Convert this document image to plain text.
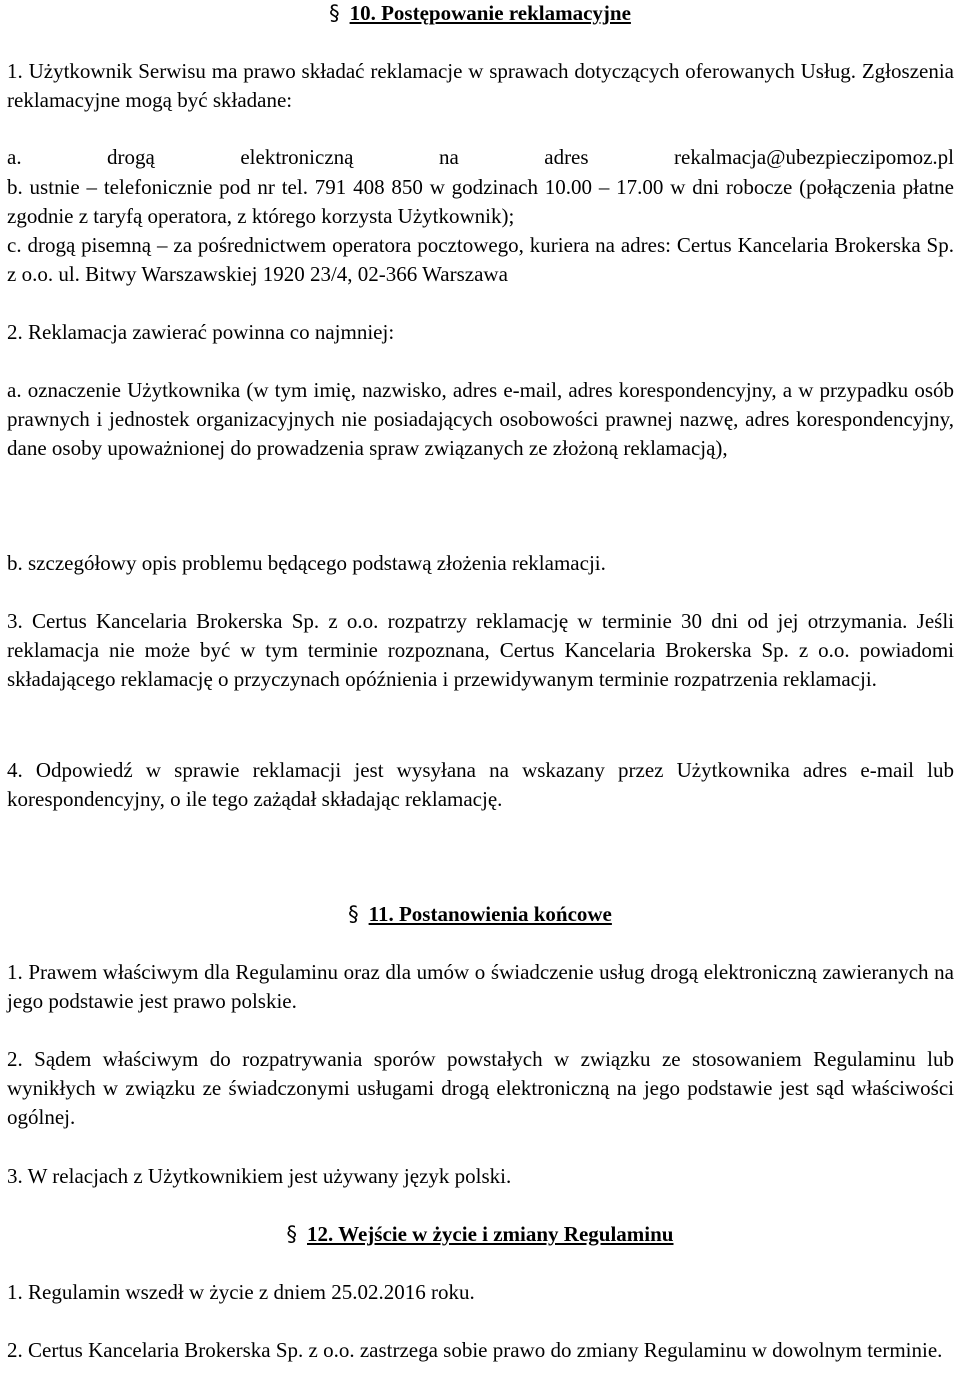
§ 10. Postępowanie reklamacyjne

1. Użytkownik Serwisu ma prawo składać reklamacje w sprawach dotyczących oferowanych Usług. Zgłoszenia reklamacyjne mogą być składane:

a. drogą elektroniczną na adres rekalmacja@ubezpieczipomoz.pl

b. ustnie – telefonicznie pod nr tel. 791 408 850 w godzinach 10.00 – 17.00 w dni robocze (połączenia płatne zgodnie z taryfą operatora, z którego korzysta Użytkownik);

c. drogą pisemną – za pośrednictwem operatora pocztowego, kuriera na adres: Certus Kancelaria Brokerska Sp. z o.o. ul. Bitwy Warszawskiej 1920 23/4, 02-366 Warszawa

2. Reklamacja zawierać powinna co najmniej:

a. oznaczenie Użytkownika (w tym imię, nazwisko, adres e-mail, adres korespondencyjny, a w przypadku osób prawnych i jednostek organizacyjnych nie posiadających osobowości prawnej nazwę, adres korespondencyjny, dane osoby upoważnionej do prowadzenia spraw związanych ze złożoną reklamacją),

b. szczegółowy opis problemu będącego podstawą złożenia reklamacji.

3. Certus Kancelaria Brokerska Sp. z o.o. rozpatrzy reklamację w terminie 30 dni od jej otrzymania. Jeśli reklamacja nie może być w tym terminie rozpoznana, Certus Kancelaria Brokerska Sp. z o.o. powiadomi składającego reklamację o przyczynach opóźnienia i przewidywanym terminie rozpatrzenia reklamacji.

4. Odpowiedź w sprawie reklamacji jest wysyłana na wskazany przez Użytkownika adres e-mail lub korespondencyjny, o ile tego zażądał składając reklamację.

§ 11. Postanowienia końcowe

1. Prawem właściwym dla Regulaminu oraz dla umów o świadczenie usług drogą elektroniczną zawieranych na jego podstawie jest prawo polskie.

2. Sądem właściwym do rozpatrywania sporów powstałych w związku ze stosowaniem Regulaminu lub wynikłych w związku ze świadczonymi usługami drogą elektroniczną na jego podstawie jest sąd właściwości ogólnej.

3. W relacjach z Użytkownikiem jest używany język polski.

§ 12. Wejście w życie i zmiany Regulaminu

1. Regulamin wszedł w życie z dniem 25.02.2016 roku.

2. Certus Kancelaria Brokerska Sp. z o.o. zastrzega sobie prawo do zmiany Regulaminu w dowolnym terminie.
